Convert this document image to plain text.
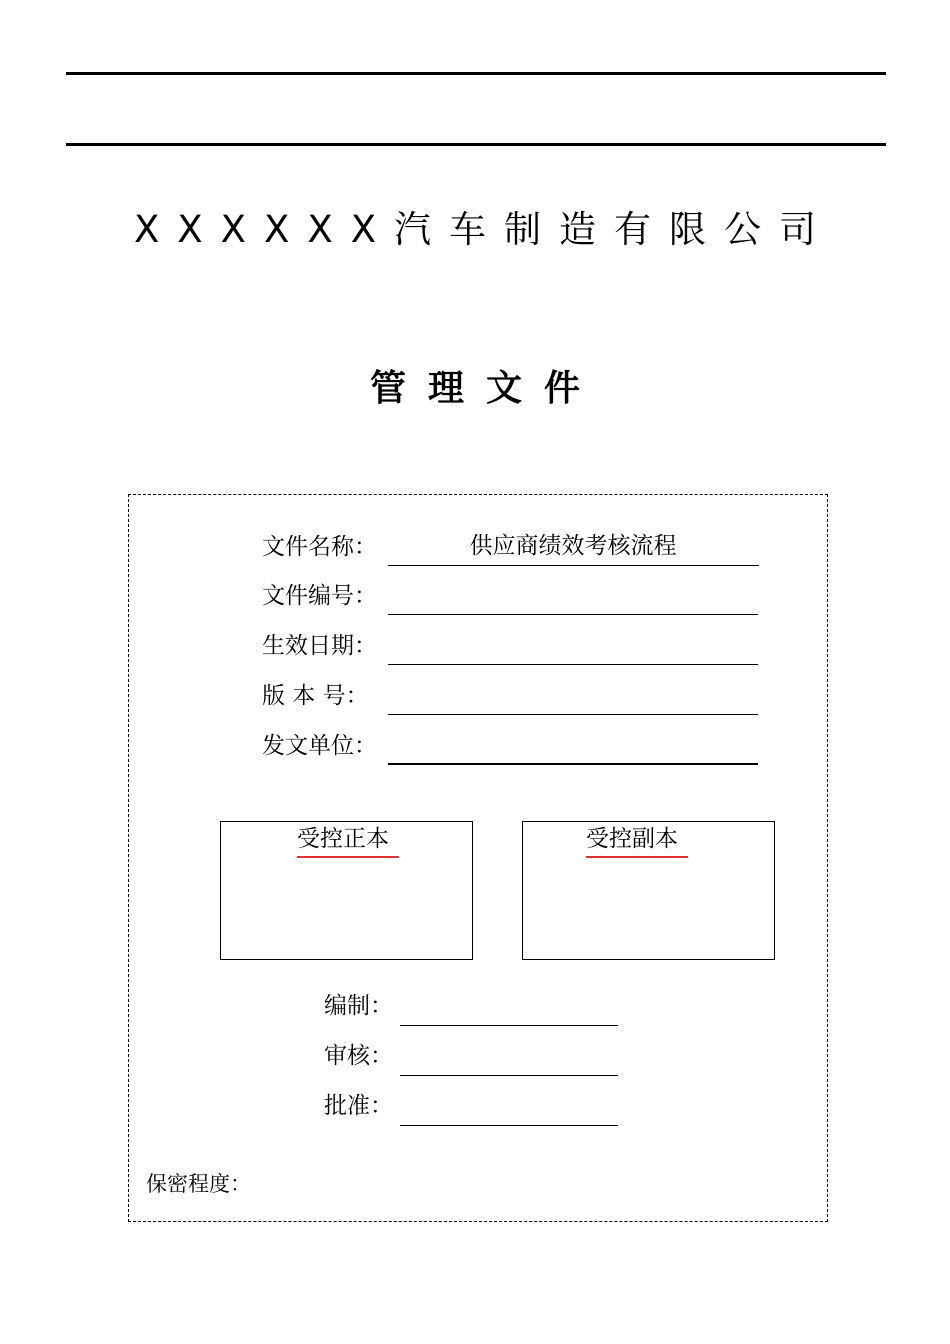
XXXXXX汽车制造有限公司
管理文件
文件名称：	供应商绩效考核流程
文件编号：
生效日期：
版 本 号：
发文单位：
受控正本	受控副本
编制：
审核：
批准：
保密程度：
